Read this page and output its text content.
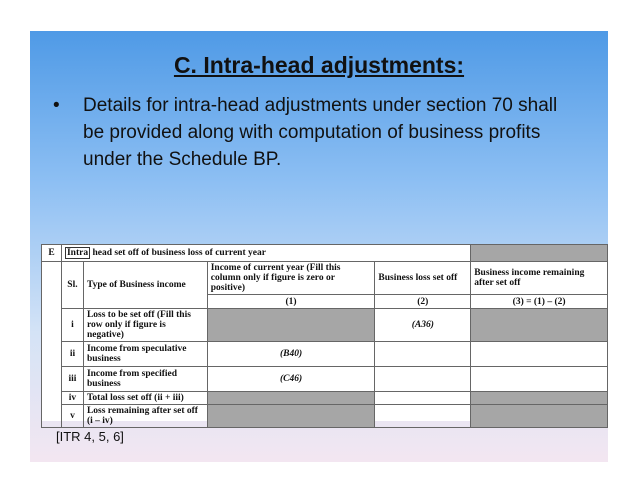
C. Intra-head adjustments:
•	Details for intra-head adjustments under section 70 shall be provided along with computation of business profits under the Schedule BP.
E	Intra head set off of business loss of current year				
	Sl.	Type of Business income	Income of current year (Fill this column only if figure is zero or positive)	Business loss set off	Business income remaining after set off
			(1)	(2)	(3) = (1) – (2)
	i	Loss to be set off (Fill this row only if figure is negative)		(A36)	
	ii	Income from speculative business	(B40)		
	iii	Income from specified business	(C46)		
	iv	Total loss set off (ii + iii)			
	v	Loss remaining after set off (i – iv)			
[ITR 4, 5, 6]
